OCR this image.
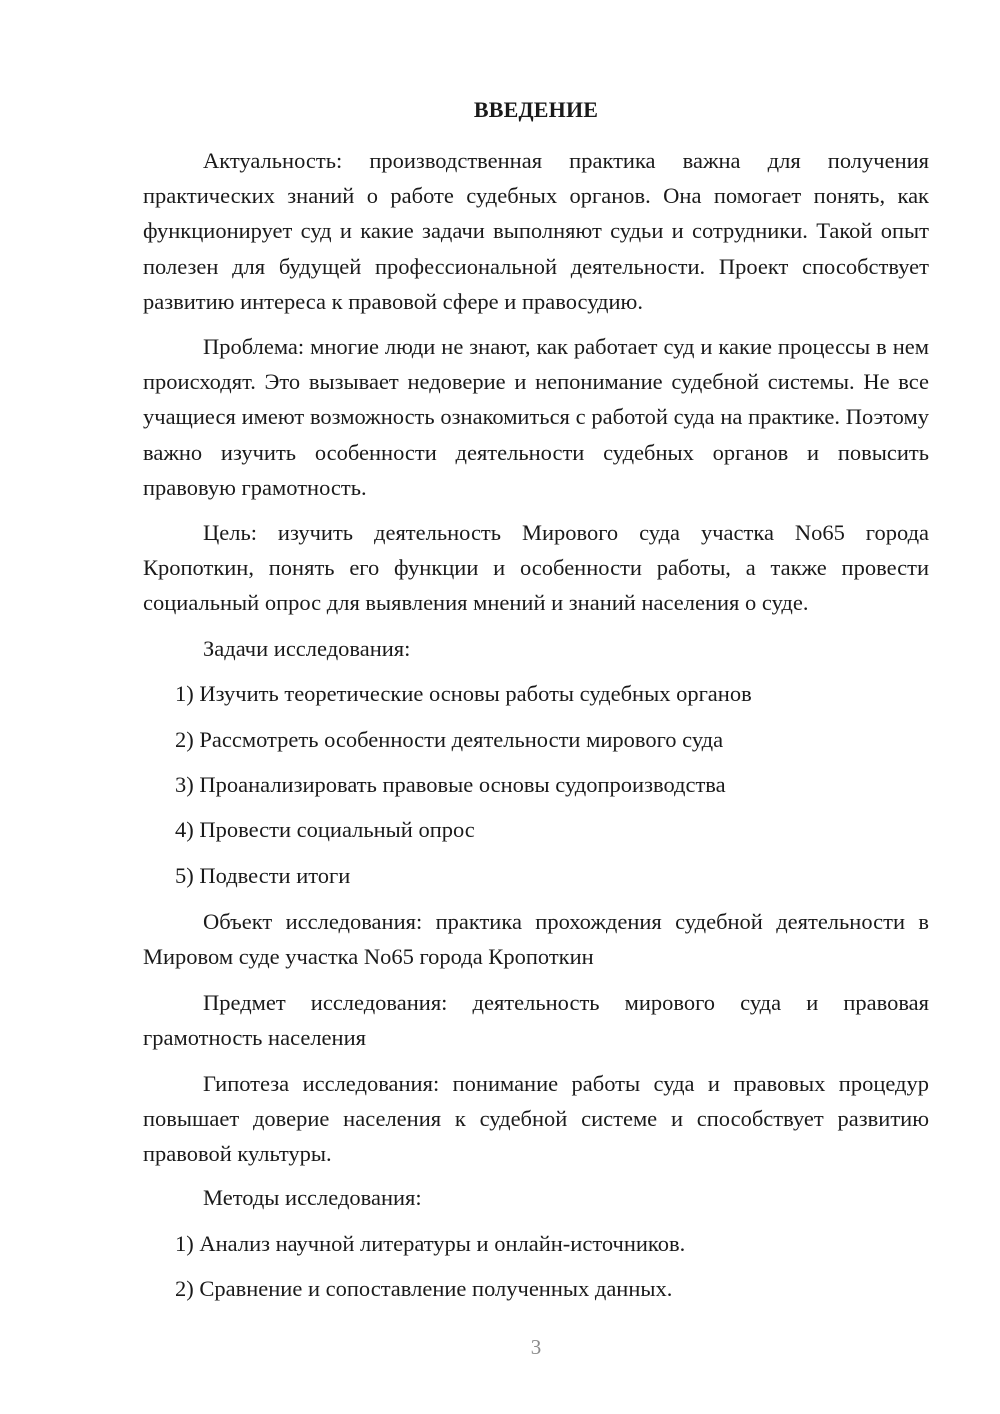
ВВЕДЕНИЕ

Актуальность: производственная практика важна для получения практических знаний о работе судебных органов. Она помогает понять, как функционирует суд и какие задачи выполняют судьи и сотрудники. Такой опыт полезен для будущей профессиональной деятельности. Проект способствует развитию интереса к правовой сфере и правосудию.

Проблема: многие люди не знают, как работает суд и какие процессы в нем происходят. Это вызывает недоверие и непонимание судебной системы. Не все учащиеся имеют возможность ознакомиться с работой суда на практике. Поэтому важно изучить особенности деятельности судебных органов и повысить правовую грамотность.

Цель: изучить деятельность Мирового суда участка No65 города Кропоткин, понять его функции и особенности работы, а также провести социальный опрос для выявления мнений и знаний населения о суде.

Задачи исследования:

1) Изучить теоретические основы работы судебных органов

2) Рассмотреть особенности деятельности мирового суда

3) Проанализировать правовые основы судопроизводства

4) Провести социальный опрос

5) Подвести итоги

Объект исследования: практика прохождения судебной деятельности в Мировом суде участка No65 города Кропоткин

Предмет исследования: деятельность мирового суда и правовая грамотность населения

Гипотеза исследования: понимание работы суда и правовых процедур повышает доверие населения к судебной системе и способствует развитию правовой культуры.

Методы исследования:

1) Анализ научной литературы и онлайн-источников.

2) Сравнение и сопоставление полученных данных.

3
